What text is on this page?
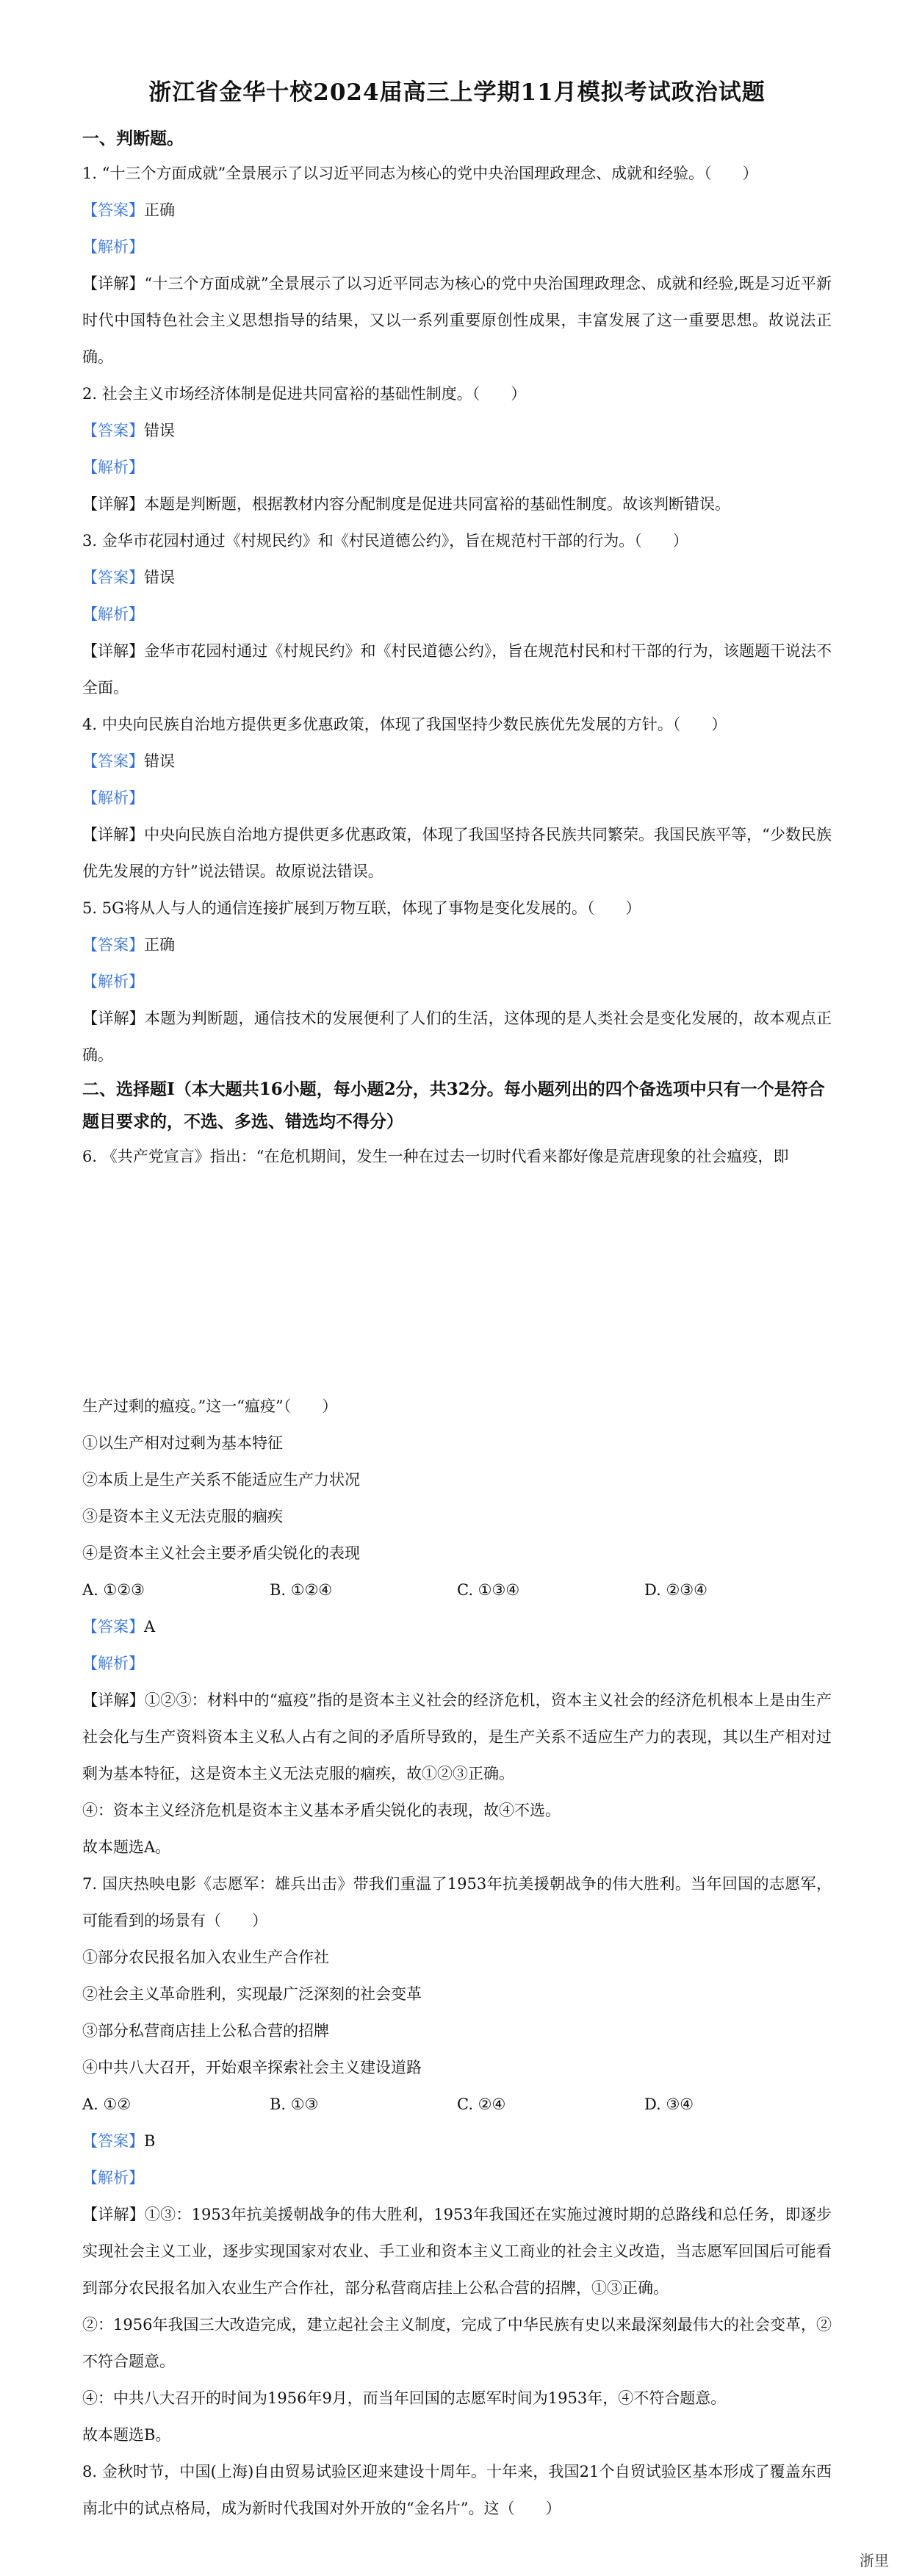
浙江省金华十校2024届高三上学期11月模拟考试政治试题

一、判断题。

1. “十三个方面成就”全景展示了以习近平同志为核心的党中央治国理政理念、成就和经验。（　　）

【答案】正确

【解析】

【详解】“十三个方面成就”全景展示了以习近平同志为核心的党中央治国理政理念、成就和经验,既是习近平新时代中国特色社会主义思想指导的结果，又以一系列重要原创性成果，丰富发展了这一重要思想。故说法正确。

2. 社会主义市场经济体制是促进共同富裕的基础性制度。（　　）

【答案】错误

【解析】

【详解】本题是判断题，根据教材内容分配制度是促进共同富裕的基础性制度。故该判断错误。

3. 金华市花园村通过《村规民约》和《村民道德公约》，旨在规范村干部的行为。（　　）

【答案】错误

【解析】

【详解】金华市花园村通过《村规民约》和《村民道德公约》，旨在规范村民和村干部的行为，该题题干说法不全面。

4. 中央向民族自治地方提供更多优惠政策，体现了我国坚持少数民族优先发展的方针。（　　）

【答案】错误

【解析】

【详解】中央向民族自治地方提供更多优惠政策，体现了我国坚持各民族共同繁荣。我国民族平等，“少数民族优先发展的方针”说法错误。故原说法错误。

5. 5G将从人与人的通信连接扩展到万物互联，体现了事物是变化发展的。（　　）

【答案】正确

【解析】

【详解】本题为判断题，通信技术的发展便利了人们的生活，这体现的是人类社会是变化发展的，故本观点正确。

二、选择题Ⅰ（本大题共16小题，每小题2分，共32分。每小题列出的四个备选项中只有一个是符合题目要求的，不选、多选、错选均不得分）

6. 《共产党宣言》指出：“在危机期间，发生一种在过去一切时代看来都好像是荒唐现象的社会瘟疫，即

生产过剩的瘟疫。”这一“瘟疫”（　　）

①以生产相对过剩为基本特征

②本质上是生产关系不能适应生产力状况

③是资本主义无法克服的痼疾

④是资本主义社会主要矛盾尖锐化的表现

A. ①②③	B. ①②④	C. ①③④	D. ②③④

【答案】A

【解析】

【详解】①②③：材料中的“瘟疫”指的是资本主义社会的经济危机，资本主义社会的经济危机根本上是由生产社会化与生产资料资本主义私人占有之间的矛盾所导致的，是生产关系不适应生产力的表现，其以生产相对过剩为基本特征，这是资本主义无法克服的痼疾，故①②③正确。

④：资本主义经济危机是资本主义基本矛盾尖锐化的表现，故④不选。

故本题选A。

7. 国庆热映电影《志愿军：雄兵出击》带我们重温了1953年抗美援朝战争的伟大胜利。当年回国的志愿军，可能看到的场景有（　　）

①部分农民报名加入农业生产合作社

②社会主义革命胜利，实现最广泛深刻的社会变革

③部分私营商店挂上公私合营的招牌

④中共八大召开，开始艰辛探索社会主义建设道路

A. ①②	B. ①③	C. ②④	D. ③④

【答案】B

【解析】

【详解】①③：1953年抗美援朝战争的伟大胜利，1953年我国还在实施过渡时期的总路线和总任务，即逐步实现社会主义工业，逐步实现国家对农业、手工业和资本主义工商业的社会主义改造，当志愿军回国后可能看到部分农民报名加入农业生产合作社，部分私营商店挂上公私合营的招牌，①③正确。

②：1956年我国三大改造完成，建立起社会主义制度，完成了中华民族有史以来最深刻最伟大的社会变革，②不符合题意。

④：中共八大召开的时间为1956年9月，而当年回国的志愿军时间为1953年，④不符合题意。

故本题选B。

8. 金秋时节，中国(上海)自由贸易试验区迎来建设十周年。十年来，我国21个自贸试验区基本形成了覆盖东西南北中的试点格局，成为新时代我国对外开放的“金名片”。这（　　）

浙里
